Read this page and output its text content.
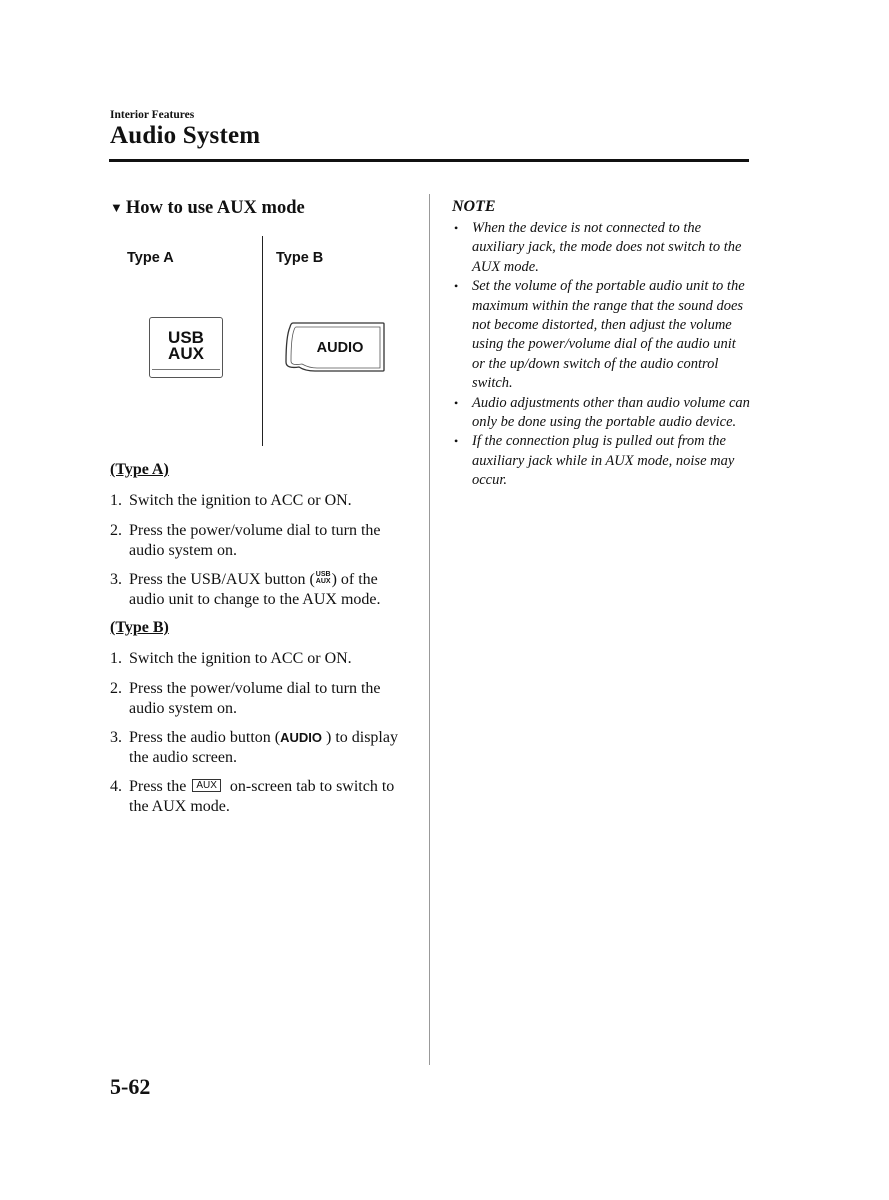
Interior Features
Audio System
▼ How to use AUX mode
Type A	Type B
USB
AUX	AUDIO
(Type A)
1. Switch the ignition to ACC or ON.
2. Press the power/volume dial to turn the audio system on.
3. Press the USB/AUX button (USB
AUX) of the audio unit to change to the AUX mode.
(Type B)
1. Switch the ignition to ACC or ON.
2. Press the power/volume dial to turn the audio system on.
3. Press the audio button (AUDIO ) to display the audio screen.
4. Press the AUX on-screen tab to switch to the AUX mode.
NOTE
• When the device is not connected to the auxiliary jack, the mode does not switch to the AUX mode.
• Set the volume of the portable audio unit to the maximum within the range that the sound does not become distorted, then adjust the volume using the power/volume dial of the audio unit or the up/down switch of the audio control switch.
• Audio adjustments other than audio volume can only be done using the portable audio device.
• If the connection plug is pulled out from the auxiliary jack while in AUX mode, noise may occur.
5-62
